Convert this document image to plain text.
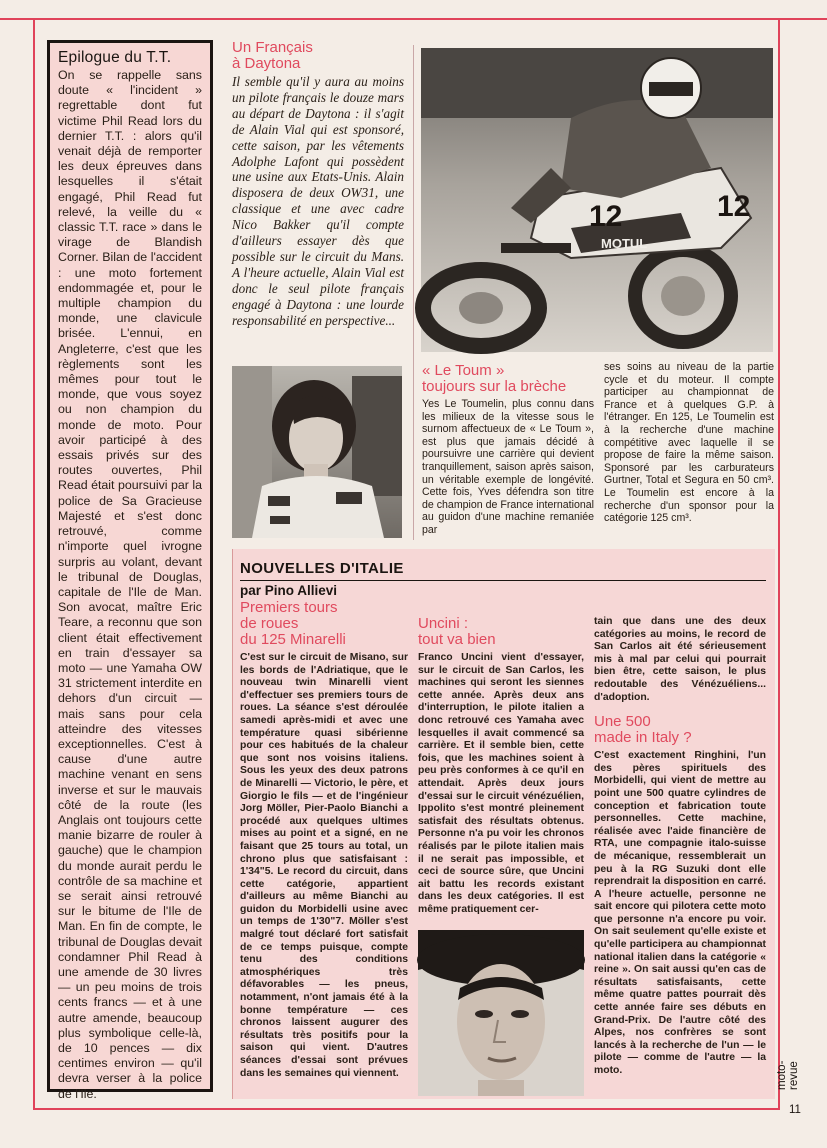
Epilogue du T.T.

On se rappelle sans doute « l'incident » regrettable dont fut victime Phil Read lors du dernier T.T. : alors qu'il venait déjà de remporter les deux épreuves dans lesquelles il s'était engagé, Phil Read fut relevé, la veille du « classic T.T. race » dans le virage de Blandish Corner. Bilan de l'accident : une moto fortement endommagée et, pour le multiple champion du monde, une clavicule brisée. L'ennui, en Angleterre, c'est que les règlements sont les mêmes pour tout le monde, que vous soyez ou non champion du monde de moto. Pour avoir participé à des essais privés sur des routes ouvertes, Phil Read était poursuivi par la police de Sa Gracieuse Majesté et s'est donc retrouvé, comme n'importe quel ivrogne surpris au volant, devant le tribunal de Douglas, capitale de l'Ile de Man. Son avocat, maître Eric Teare, a reconnu que son client était effectivement en train d'essayer sa moto — une Yamaha OW 31 strictement interdite en dehors d'un circuit — mais sans pour cela atteindre des vitesses exceptionnelles. C'est à cause d'une autre machine venant en sens inverse et sur le mauvais côté de la route (les Anglais ont toujours cette manie bizarre de rouler à gauche) que le champion du monde aurait perdu le contrôle de sa machine et se serait ainsi retrouvé sur le bitume de l'Ile de Man. En fin de compte, le tribunal de Douglas devait condamner Phil Read à une amende de 30 livres — un peu moins de trois cents francs — et à une autre amende, beaucoup plus symbolique celle-là, de 10 pences — dix centimes environ — qu'il devra verser à la police de l'Ile.

Un Français

à Daytona

Il semble qu'il y aura au moins un pilote français le douze mars au départ de Daytona : il s'agit de Alain Vial qui est sponsoré, cette saison, par les vêtements Adolphe Lafont qui possèdent une usine aux Etats-Unis. Alain disposera de deux OW31, une classique et une avec cadre Nico Bakker qu'il compte d'ailleurs essayer dès que possible sur le circuit du Mans. A l'heure actuelle, Alain Vial est donc le seul pilote français engagé à Daytona : une lourde responsabilité en perspective...

12	12
MOTUL

« Le Toum »

toujours sur la brèche

Yes Le Toumelin, plus connu dans les milieux de la vitesse sous le surnom affectueux de « Le Toum », est plus que jamais décidé à poursuivre une carrière qui devient tranquillement, saison après saison, un véritable exemple de longévité. Cette fois, Yves défendra son titre de champion de France international au guidon d'une machine remaniée par

ses soins au niveau de la partie cycle et du moteur. Il compte participer au championnat de France et à quelques G.P. à l'étranger. En 125, Le Toumelin est à la recherche d'une machine compétitive avec laquelle il se propose de faire la même saison. Sponsoré par les carburateurs Gurtner, Total et Segura en 50 cm³. Le Toumelin est encore à la recherche d'un sponsor pour la catégorie 125 cm³.

NOUVELLES D'ITALIE
par Pino Allievi

Premiers tours

de roues

du 125 Minarelli

C'est sur le circuit de Misano, sur les bords de l'Adriatique, que le nouveau twin Minarelli vient d'effectuer ses premiers tours de roues. La séance s'est déroulée samedi après-midi et avec une température quasi sibérienne pour ces habitués de la chaleur que sont nos voisins italiens. Sous les yeux des deux patrons de Minarelli — Victorio, le père, et Giorgio le fils — et de l'ingénieur Jorg Möller, Pier-Paolo Bianchi a procédé aux quelques ultimes mises au point et a signé, en ne faisant que 25 tours au total, un chrono plus que satisfaisant : 1'34"5. Le record du circuit, dans cette catégorie, appartient d'ailleurs au même Bianchi au guidon du Morbidelli usine avec un temps de 1'30"7. Möller s'est malgré tout déclaré fort satisfait de ce temps puisque, compte tenu des conditions atmosphériques très défavorables — les pneus, notamment, n'ont jamais été à la bonne température — ces chronos laissent augurer des résultats très positifs pour la saison qui vient. D'autres séances d'essai sont prévues dans les semaines qui viennent.

Uncini :

tout va bien

Franco Uncini vient d'essayer, sur le circuit de San Carlos, les machines qui seront les siennes cette année. Après deux ans d'interruption, le pilote italien a donc retrouvé ces Yamaha avec lesquelles il avait commencé sa carrière. Et il semble bien, cette fois, que les machines soient à peu près conformes à ce qu'il en attendait. Après deux jours d'essai sur le circuit vénézuélien, Ippolito s'est montré pleinement satisfait des résultats obtenus. Personne n'a pu voir les chronos réalisés par le pilote italien mais il ne serait pas impossible, et ceci de source sûre, que Uncini ait battu les records existant dans les deux catégories. Il est même pratiquement cer-

tain que dans une des deux catégories au moins, le record de San Carlos ait été sérieusement mis à mal par celui qui pourrait bien être, cette saison, le plus redoutable des Vénézuéliens... d'adoption.

Une 500

made in Italy ?

C'est exactement Ringhini, l'un des pères spirituels des Morbidelli, qui vient de mettre au point une 500 quatre cylindres de conception et fabrication toute personnelles. Cette machine, réalisée avec l'aide financière de RTA, une compagnie italo-suisse de mécanique, ressemblerait un peu à la RG Suzuki dont elle reprendrait la disposition en carré. A l'heure actuelle, personne ne sait encore qui pilotera cette moto que personne n'a encore pu voir. On sait seulement qu'elle existe et qu'elle participera au championnat national italien dans la catégorie « reine ». On sait aussi qu'en cas de résultats satisfaisants, cette même quatre pattes pourrait dès cette année faire ses débuts en Grand-Prix. De l'autre côté des Alpes, nos confrères se sont lancés à la recherche de l'un — le pilote — comme de l'autre — la moto.	moto-revue
11
